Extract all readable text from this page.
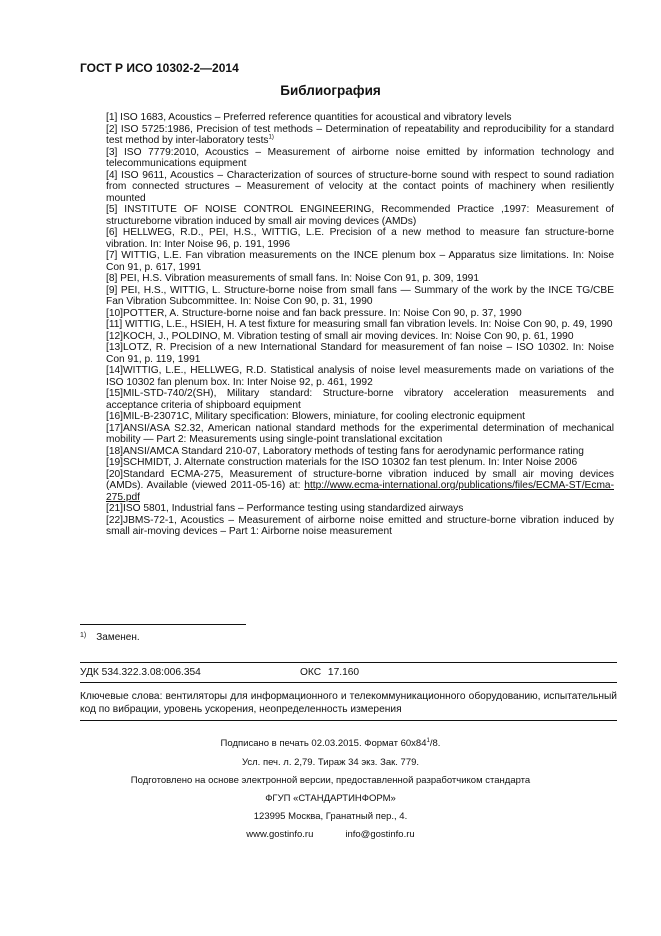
ГОСТ Р ИСО 10302-2—2014
Библиография

[1] ISO 1683, Acoustics – Preferred reference quantities for acoustical and vibratory levels

[2] ISO 5725:1986, Precision of test methods – Determination of repeatability and reproducibility for a standard test method by inter-laboratory tests$^{1)}$

[3] ISO 7779:2010, Acoustics – Measurement of airborne noise emitted by information technology and telecommunications equipment

[4] ISO 9611, Acoustics – Characterization of sources of structure-borne sound with respect to sound radiation from connected structures – Measurement of velocity at the contact points of machinery when resiliently mounted

[5] INSTITUTE OF NOISE CONTROL ENGINEERING, Recommended Practice ,1997: Measurement of structureborne vibration induced by small air moving devices (AMDs)

[6] HELLWEG, R.D., PEI, H.S., WITTIG, L.E. Precision of a new method to measure fan structure-borne vibration. In: Inter Noise 96, p. 191, 1996

[7] WITTIG, L.E. Fan vibration measurements on the INCE plenum box – Apparatus size limitations. In: Noise Con 91, p. 617, 1991

[8] PEI, H.S. Vibration measurements of small fans. In: Noise Con 91, p. 309, 1991

[9] PEI, H.S., WITTIG, L. Structure-borne noise from small fans — Summary of the work by the INCE TG/CBE Fan Vibration Subcommittee. In: Noise Con 90, p. 31, 1990

[10]POTTER, A. Structure-borne noise and fan back pressure. In: Noise Con 90, p. 37, 1990

[11] WITTIG, L.E., HSIEH, H. A test fixture for measuring small fan vibration levels. In: Noise Con 90, p. 49, 1990

[12]KOCH, J., POLDINO, M. Vibration testing of small air moving devices. In: Noise Con 90, p. 61, 1990

[13]LOTZ, R. Precision of a new International Standard for measurement of fan noise – ISO 10302. In: Noise Con 91, p. 119, 1991

[14]WITTIG, L.E., HELLWEG, R.D. Statistical analysis of noise level measurements made on variations of the ISO 10302 fan plenum box. In: Inter Noise 92, p. 461, 1992

[15]MIL-STD-740/2(SH), Military standard: Structure-borne vibratory acceleration measurements and acceptance criteria of shipboard equipment

[16]MIL-B-23071C, Military specification: Blowers, miniature, for cooling electronic equipment

[17]ANSI/ASA S2.32, American national standard methods for the experimental determination of mechanical mobility — Part 2: Measurements using single-point translational excitation

[18]ANSI/AMCA Standard 210-07, Laboratory methods of testing fans for aerodynamic performance rating

[19]SCHMIDT, J. Alternate construction materials for the ISO 10302 fan test plenum. In: Inter Noise 2006

[20]Standard ECMA-275, Measurement of structure-borne vibration induced by small air moving devices (AMDs). Available (viewed 2011-05-16) at: http://www.ecma-international.org/publications/files/ECMA-ST/Ecma-275.pdf

[21]ISO 5801, Industrial fans – Performance testing using standardized airways

[22]JBMS-72-1, Acoustics – Measurement of airborne noise emitted and structure-borne vibration induced by small air-moving devices – Part 1: Airborne noise measurement

$^{1)}$ Заменен.
УДК 534.322.3.08:006.354	ОКС 17.160
Ключевые слова: вентиляторы для информационного и телекоммуникационного оборудованию, испытательный код по вибрации, уровень ускорения, неопределенность измерения
Подписано в печать 02.03.2015. Формат $60x84^1/8$.
Усл. печ. л. 2,79. Тираж 34 экз. Зак. 779.
Подготовлено на основе электронной версии, предоставленной разработчиком стандарта
ФГУП «СТАНДАРТИНФОРМ»
123995 Москва, Гранатный пер., 4.
www.gostinfo.ru	info@gostinfo.ru
